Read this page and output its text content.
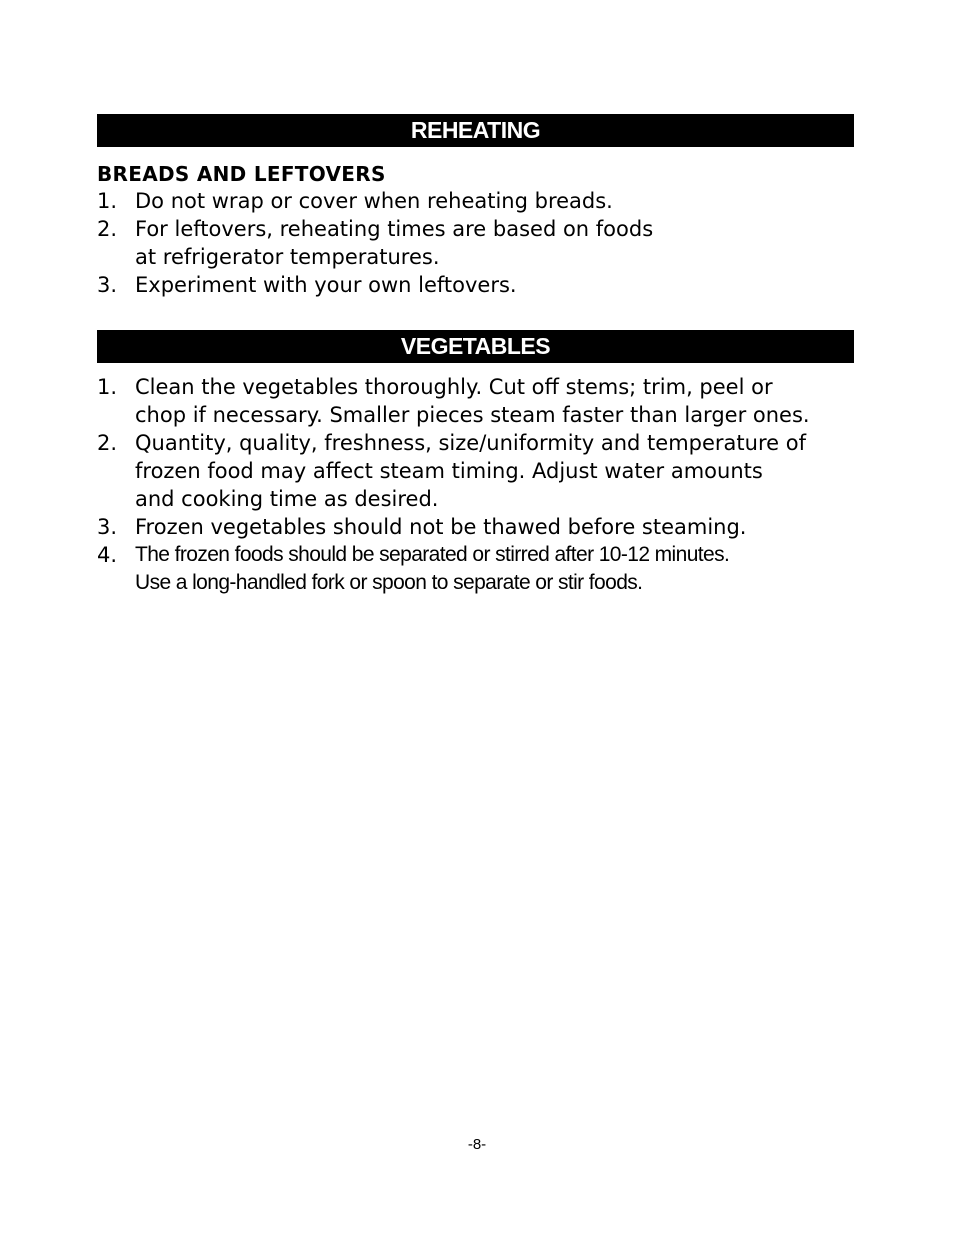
REHEATING
BREADS AND LEFTOVERS
1. Do not wrap or cover when reheating breads.
2. For leftovers, reheating times are based on foods
at refrigerator temperatures.
3. Experiment with your own leftovers.
VEGETABLES
1. Clean the vegetables thoroughly. Cut off stems; trim, peel or
chop if necessary. Smaller pieces steam faster than larger ones.
2. Quantity, quality, freshness, size/uniformity and temperature of
frozen food may affect steam timing. Adjust water amounts
and cooking time as desired.
3. Frozen vegetables should not be thawed before steaming.
4. The frozen foods should be separated or stirred after 10-12 minutes.
Use a long-handled fork or spoon to separate or stir foods.
-8-
